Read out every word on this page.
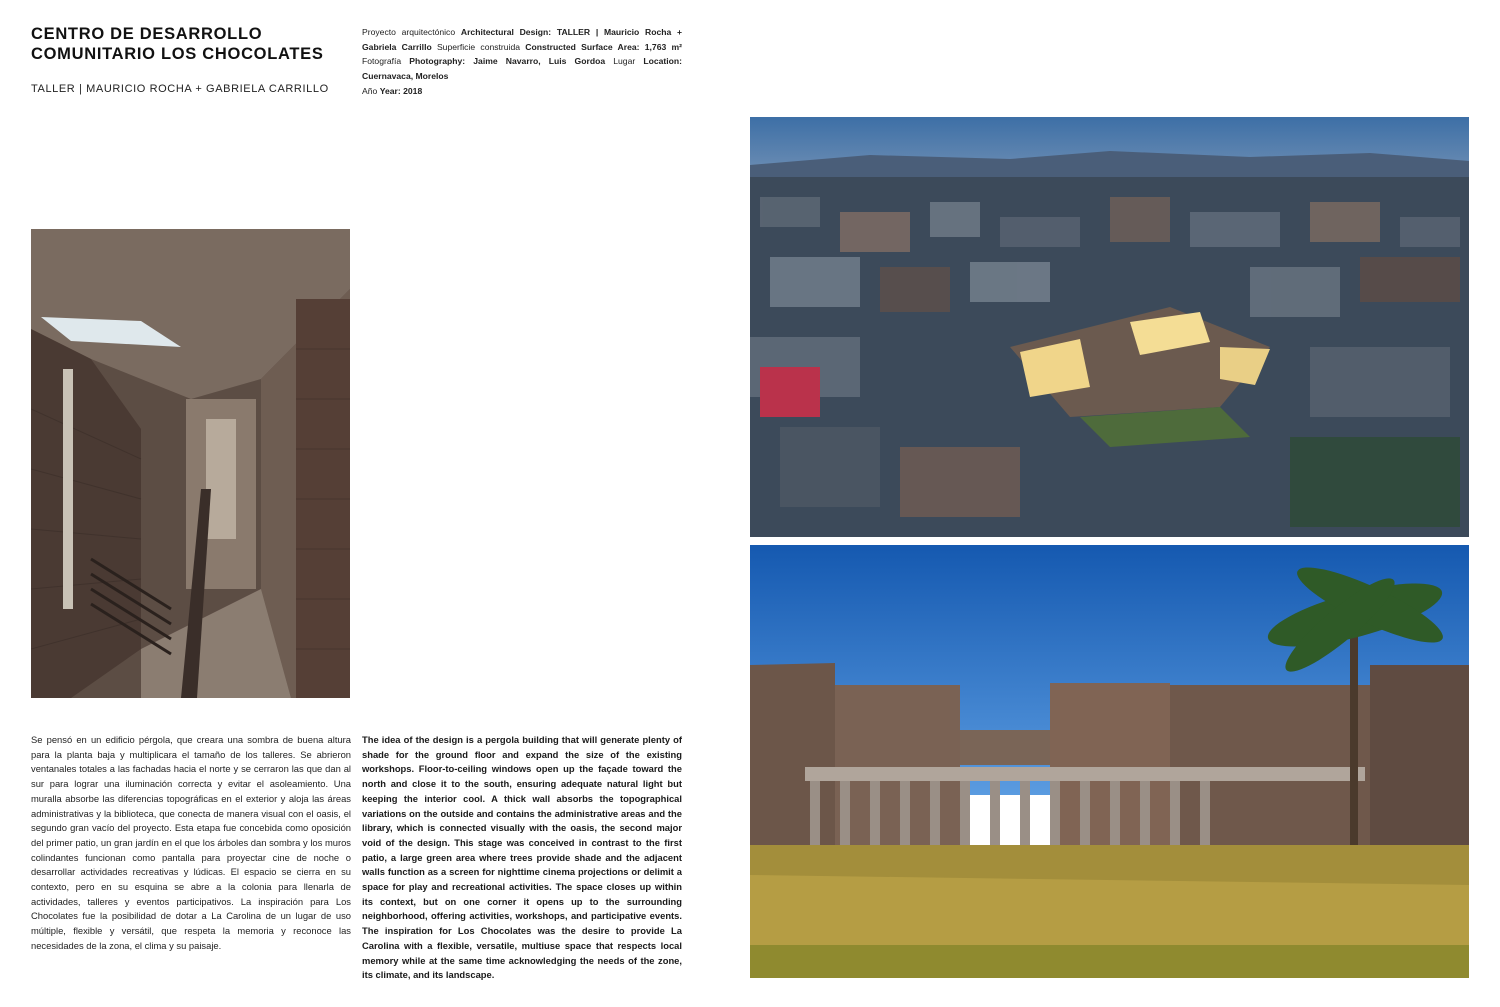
CENTRO DE DESARROLLO
COMUNITARIO LOS CHOCOLATES
TALLER | MAURICIO ROCHA + GABRIELA CARRILLO
Proyecto arquitectónico Architectural Design: TALLER | Mauricio Rocha + Gabriela Carrillo Superficie construida Constructed Surface Area: 1,763 m² Fotografía Photography: Jaime Navarro, Luis Gordoa Lugar Location: Cuernavaca, Morelos
Año Year: 2018
Se pensó en un edificio pérgola, que creara una sombra de buena altura para la planta baja y multiplicara el tamaño de los talleres. Se abrieron ventanales totales a las fachadas hacia el norte y se cerraron las que dan al sur para lograr una iluminación correcta y evitar el asoleamiento. Una muralla absorbe las diferencias topográficas en el exterior y aloja las áreas administrativas y la biblioteca, que conecta de manera visual con el oasis, el segundo gran vacío del proyecto. Esta etapa fue concebida como oposición del primer patio, un gran jardín en el que los árboles dan sombra y los muros colindantes funcionan como pantalla para proyectar cine de noche o desarrollar actividades recreativas y lúdicas. El espacio se cierra en su contexto, pero en su esquina se abre a la colonia para llenarla de actividades, talleres y eventos participativos. La inspiración para Los Chocolates fue la posibilidad de dotar a La Carolina de un lugar de uso múltiple, flexible y versátil, que respeta la memoria y reconoce las necesidades de la zona, el clima y su paisaje.
The idea of the design is a pergola building that will generate plenty of shade for the ground floor and expand the size of the existing workshops. Floor-to-ceiling windows open up the façade toward the north and close it to the south, ensuring adequate natural light but keeping the interior cool. A thick wall absorbs the topographical variations on the outside and contains the administrative areas and the library, which is connected visually with the oasis, the second major void of the design. This stage was conceived in contrast to the first patio, a large green area where trees provide shade and the adjacent walls function as a screen for nighttime cinema projections or delimit a space for play and recreational activities. The space closes up within its context, but on one corner it opens up to the surrounding neighborhood, offering activities, workshops, and participative events. The inspiration for Los Chocolates was the desire to provide La Carolina with a flexible, versatile, multiuse space that respects local memory while at the same time acknowledging the needs of the zone, its climate, and its landscape.
